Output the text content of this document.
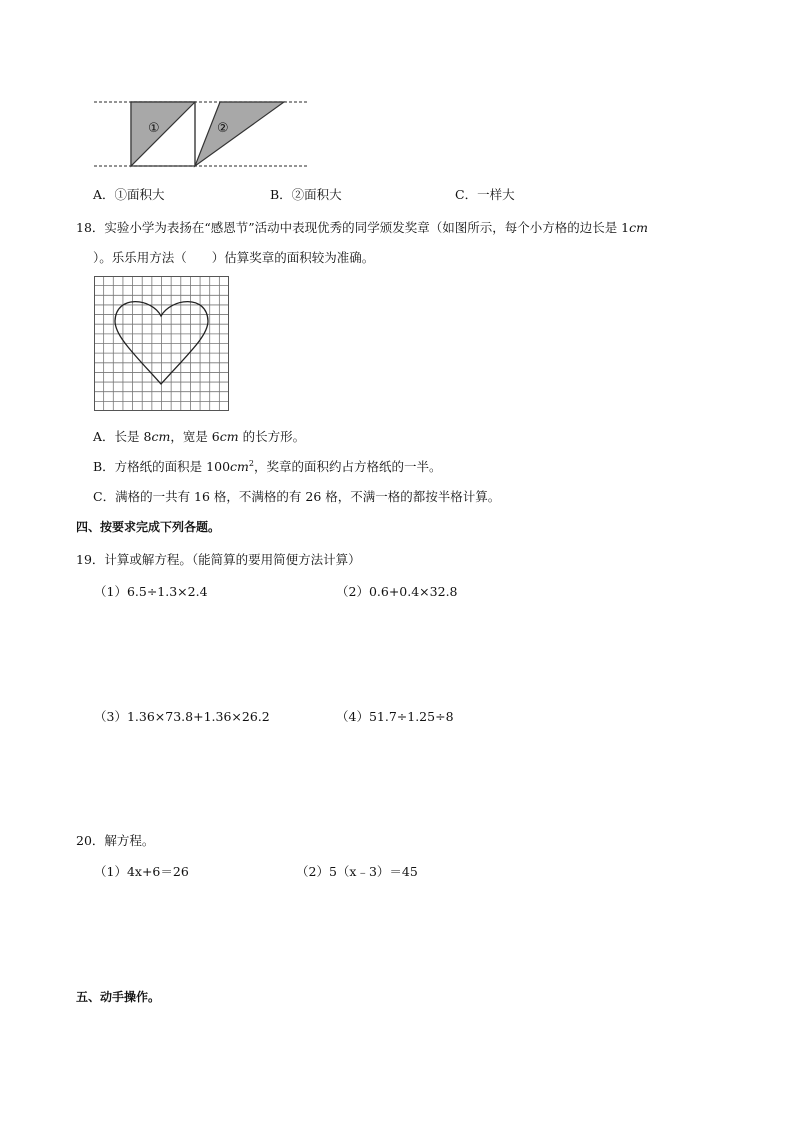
①	②
A．①面积大	B．②面积大	C．一样大
18．实验小学为表扬在“感恩节”活动中表现优秀的同学颁发奖章（如图所示，每个小方格的边长是 1cm
）。乐乐用方法（　　）估算奖章的面积较为准确。
A．长是 8cm，宽是 6cm 的长方形。
B．方格纸的面积是 $100cm^2$，奖章的面积约占方格纸的一半。
C．满格的一共有 16 格，不满格的有 26 格，不满一格的都按半格计算。
四、按要求完成下列各题。
19．计算或解方程。（能简算的要用简便方法计算）
（1）6.5÷1.3×2.4	（2）0.6+0.4×32.8
（3）1.36×73.8+1.36×26.2	（4）51.7÷1.25÷8
20．解方程。
（1）4x+6＝26	（2）5（x﹣3）＝45
五、动手操作。
